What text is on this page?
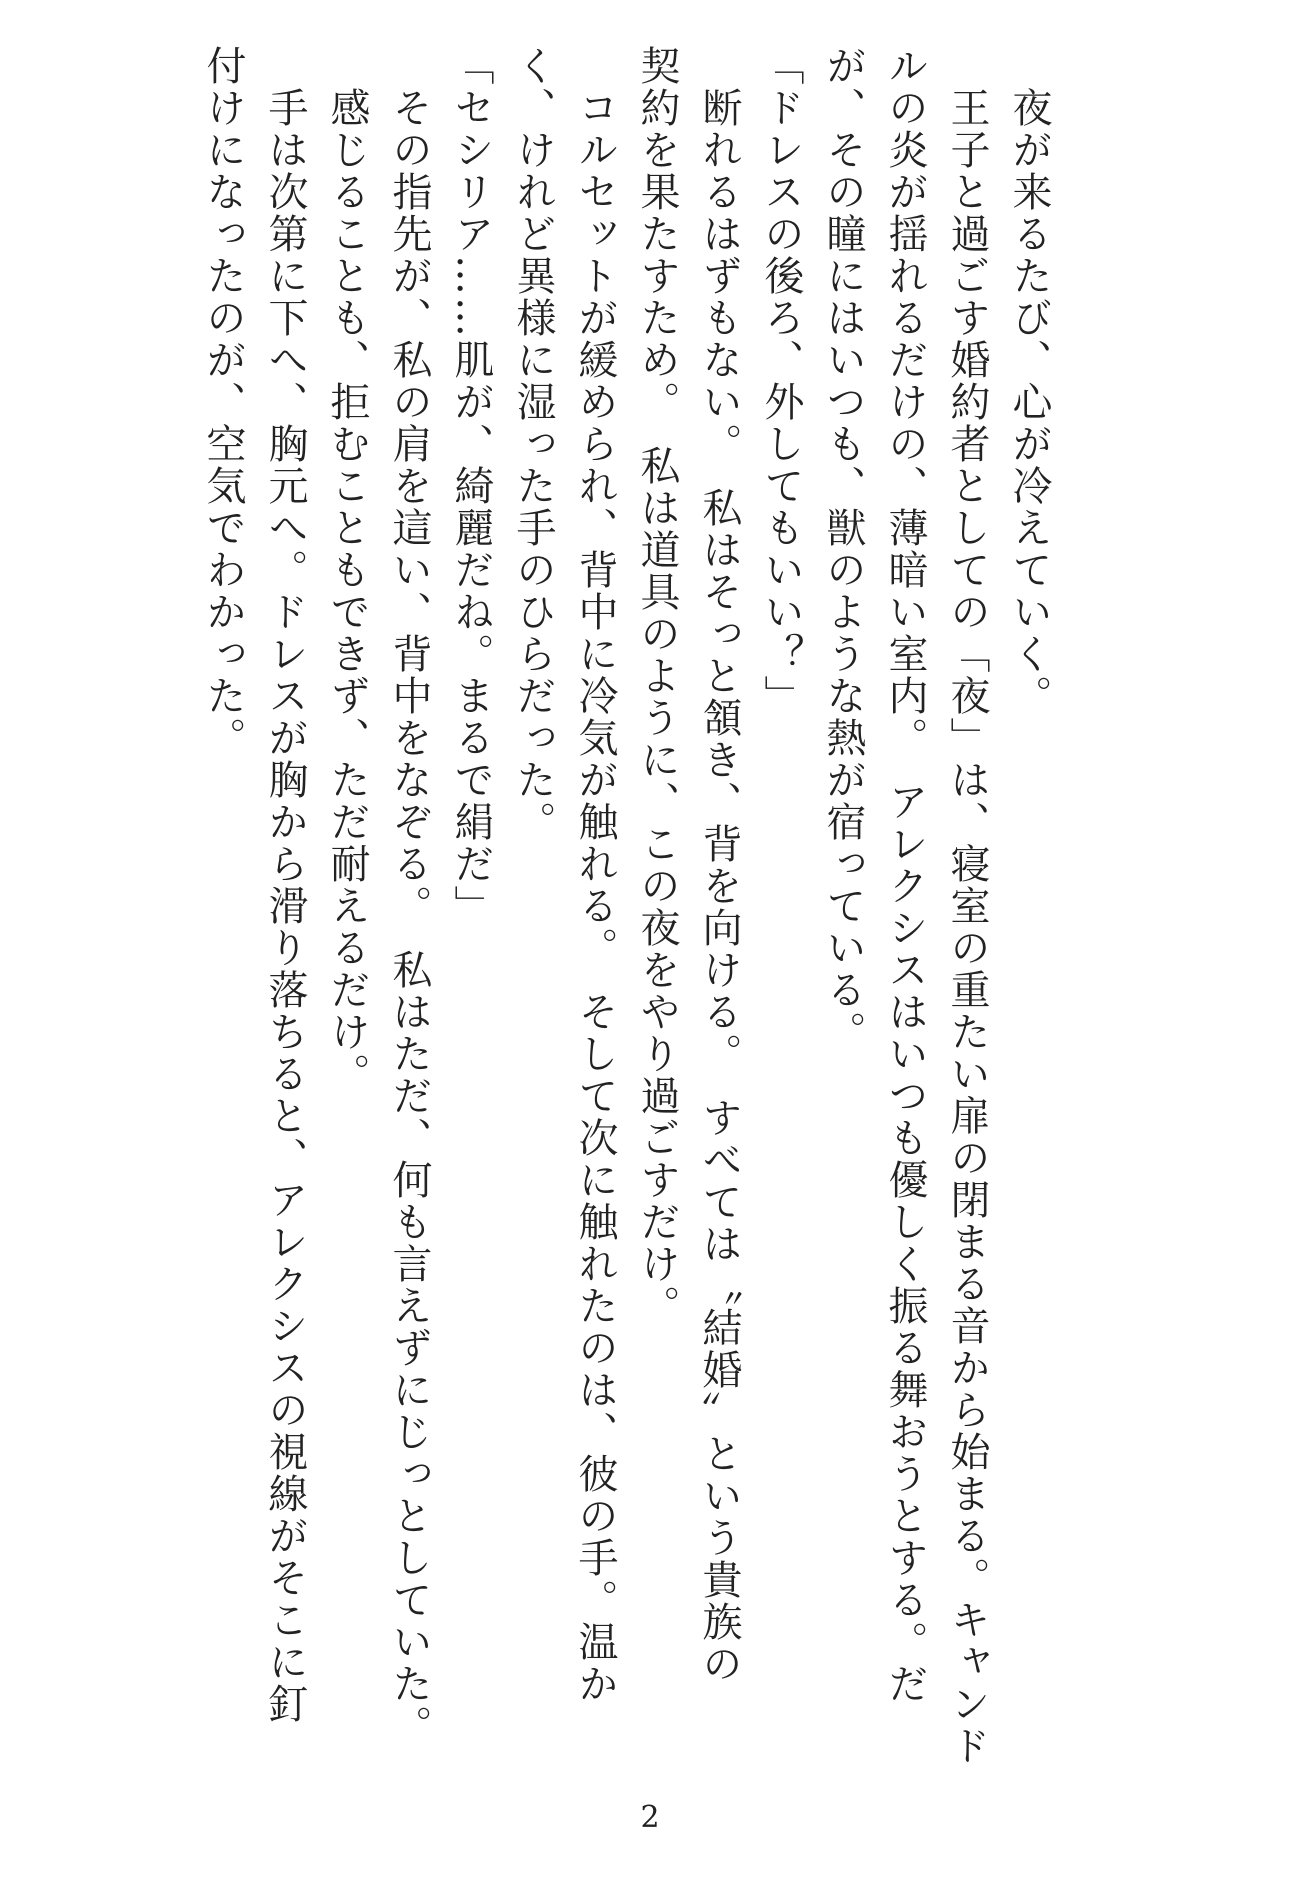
　夜が来るたび、心が冷えていく。
　王子と過ごす婚約者としての「夜」は、寝室の重たい扉の閉まる音から始まる。キャンド
ルの炎が揺れるだけの、薄暗い室内。　アレクシスはいつも優しく振る舞おうとする。だ
が、その瞳にはいつも、獣のような熱が宿っている。
「ドレスの後ろ、外してもいい？」
　断れるはずもない。　私はそっと頷き、背を向ける。　すべては〝結婚〟という貴族の
契約を果たすため。　私は道具のように、この夜をやり過ごすだけ。
　コルセットが緩められ、背中に冷気が触れる。　そして次に触れたのは、彼の手。温か
く、けれど異様に湿った手のひらだった。
「セシリア……肌が、綺麗だね。まるで絹だ」
　その指先が、私の肩を這い、背中をなぞる。　私はただ、何も言えずにじっとしていた。
　感じることも、拒むこともできず、ただ耐えるだけ。
　手は次第に下へ、胸元へ。ドレスが胸から滑り落ちると、アレクシスの視線がそこに釘
付けになったのが、空気でわかった。
2
